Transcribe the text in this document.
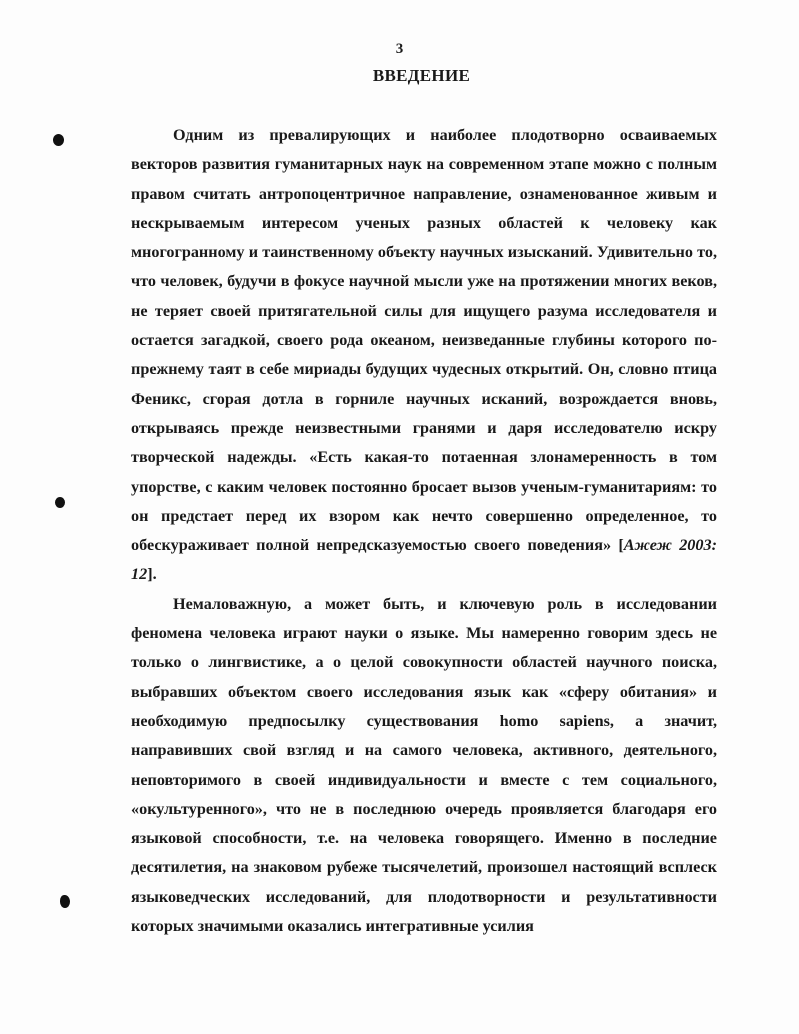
3
ВВЕДЕНИЕ

Одним из превалирующих и наиболее плодотворно осваиваемых векторов развития гуманитарных наук на современном этапе можно с полным правом считать антропоцентричное направление, ознаменованное живым и нескрываемым интересом ученых разных областей к человеку как многогранному и таинственному объекту научных изысканий. Удивительно то, что человек, будучи в фокусе научной мысли уже на протяжении многих веков, не теряет своей притягательной силы для ищущего разума исследователя и остается загадкой, своего рода океаном, неизведанные глубины которого по-прежнему таят в себе мириады будущих чудесных открытий. Он, словно птица Феникс, сгорая дотла в горниле научных исканий, возрождается вновь, открываясь прежде неизвестными гранями и даря исследователю искру творческой надежды. «Есть какая-то потаенная злонамеренность в том упорстве, с каким человек постоянно бросает вызов ученым-гуманитариям: то он предстает перед их взором как нечто совершенно определенное, то обескураживает полной непредсказуемостью своего поведения» [Ажеж 2003: 12].

Немаловажную, а может быть, и ключевую роль в исследовании феномена человека играют науки о языке. Мы намеренно говорим здесь не только о лингвистике, а о целой совокупности областей научного поиска, выбравших объектом своего исследования язык как «сферу обитания» и необходимую предпосылку существования homo sapiens, а значит, направивших свой взгляд и на самого человека, активного, деятельного, неповторимого в своей индивидуальности и вместе с тем социального, «окультуренного», что не в последнюю очередь проявляется благодаря его языковой способности, т.е. на человека говорящего. Именно в последние десятилетия, на знаковом рубеже тысячелетий, произошел настоящий всплеск языковедческих исследований, для плодотворности и результативности которых значимыми оказались интегративные усилия
